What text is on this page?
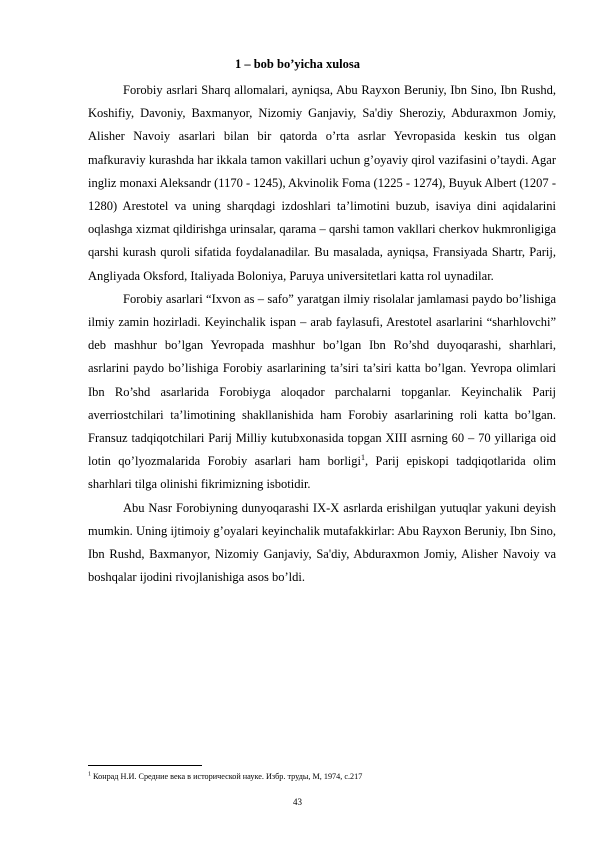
1 – bob bo’yicha xulosa

Forobiy asrlari Sharq allomalari, ayniqsa, Abu Rayxon Beruniy, Ibn Sino, Ibn Rushd, Koshifiy, Davoniy, Baxmanyor, Nizomiy Ganjaviy, Sa'diy Sheroziy, Abduraxmon Jomiy, Alisher Navoiy asarlari bilan bir qatorda o’rta asrlar Yevropasida keskin tus olgan mafkuraviy kurashda har ikkala tamon vakillari uchun g’oyaviy qirol vazifasini o’taydi. Agar ingliz monaxi Aleksandr (1170 - 1245), Akvinolik Foma (1225 - 1274), Buyuk Albert (1207 - 1280) Arestotel va uning sharqdagi izdoshlari ta’limotini buzub, isaviya dini aqidalarini oqlashga xizmat qildirishga urinsalar, qarama – qarshi tamon vakllari cherkov hukmronligiga qarshi kurash quroli sifatida foydalanadilar. Bu masalada, ayniqsa, Fransiyada Shartr, Parij, Angliyada Oksford, Italiyada Boloniya, Paruya universitetlari katta rol uynadilar.

Forobiy asarlari “Ixvon as – safo” yaratgan ilmiy risolalar jamlamasi paydo bo’lishiga ilmiy zamin hozirladi. Keyinchalik ispan – arab faylasufi, Arestotel asarlarini “sharhlovchi” deb mashhur bo’lgan Yevropada mashhur bo’lgan Ibn Ro’shd duyoqarashi, sharhlari, asrlarini paydo bo’lishiga Forobiy asarlarining ta’siri ta’siri katta bo’lgan. Yevropa olimlari Ibn Ro’shd asarlarida Forobiyga aloqador parchalarni topganlar. Keyinchalik Parij averriostchilari ta’limotining shakllanishida ham Forobiy asarlarining roli katta bo’lgan. Fransuz tadqiqotchilari Parij Milliy kutubxonasida topgan XIII asrning 60 – 70 yillariga oid lotin qo’lyozmalarida Forobiy asarlari ham borligi$^1$, Parij episkopi tadqiqotlarida olim sharhlari tilga olinishi fikrimizning isbotidir.

Abu Nasr Forobiyning dunyoqarashi IX-X asrlarda erishilgan yutuqlar yakuni deyish mumkin. Uning ijtimoiy g’oyalari keyinchalik mutafakkirlar: Abu Rayxon Beruniy, Ibn Sino, Ibn Rushd, Baxmanyor, Nizomiy Ganjaviy, Sa'diy, Abduraxmon Jomiy, Alisher Navoiy va boshqalar ijodini rivojlanishiga asos bo’ldi.

$^1$ Конрад Н.И. Средние века в исторической науке. Избр. труды, М, 1974, с.217
43
